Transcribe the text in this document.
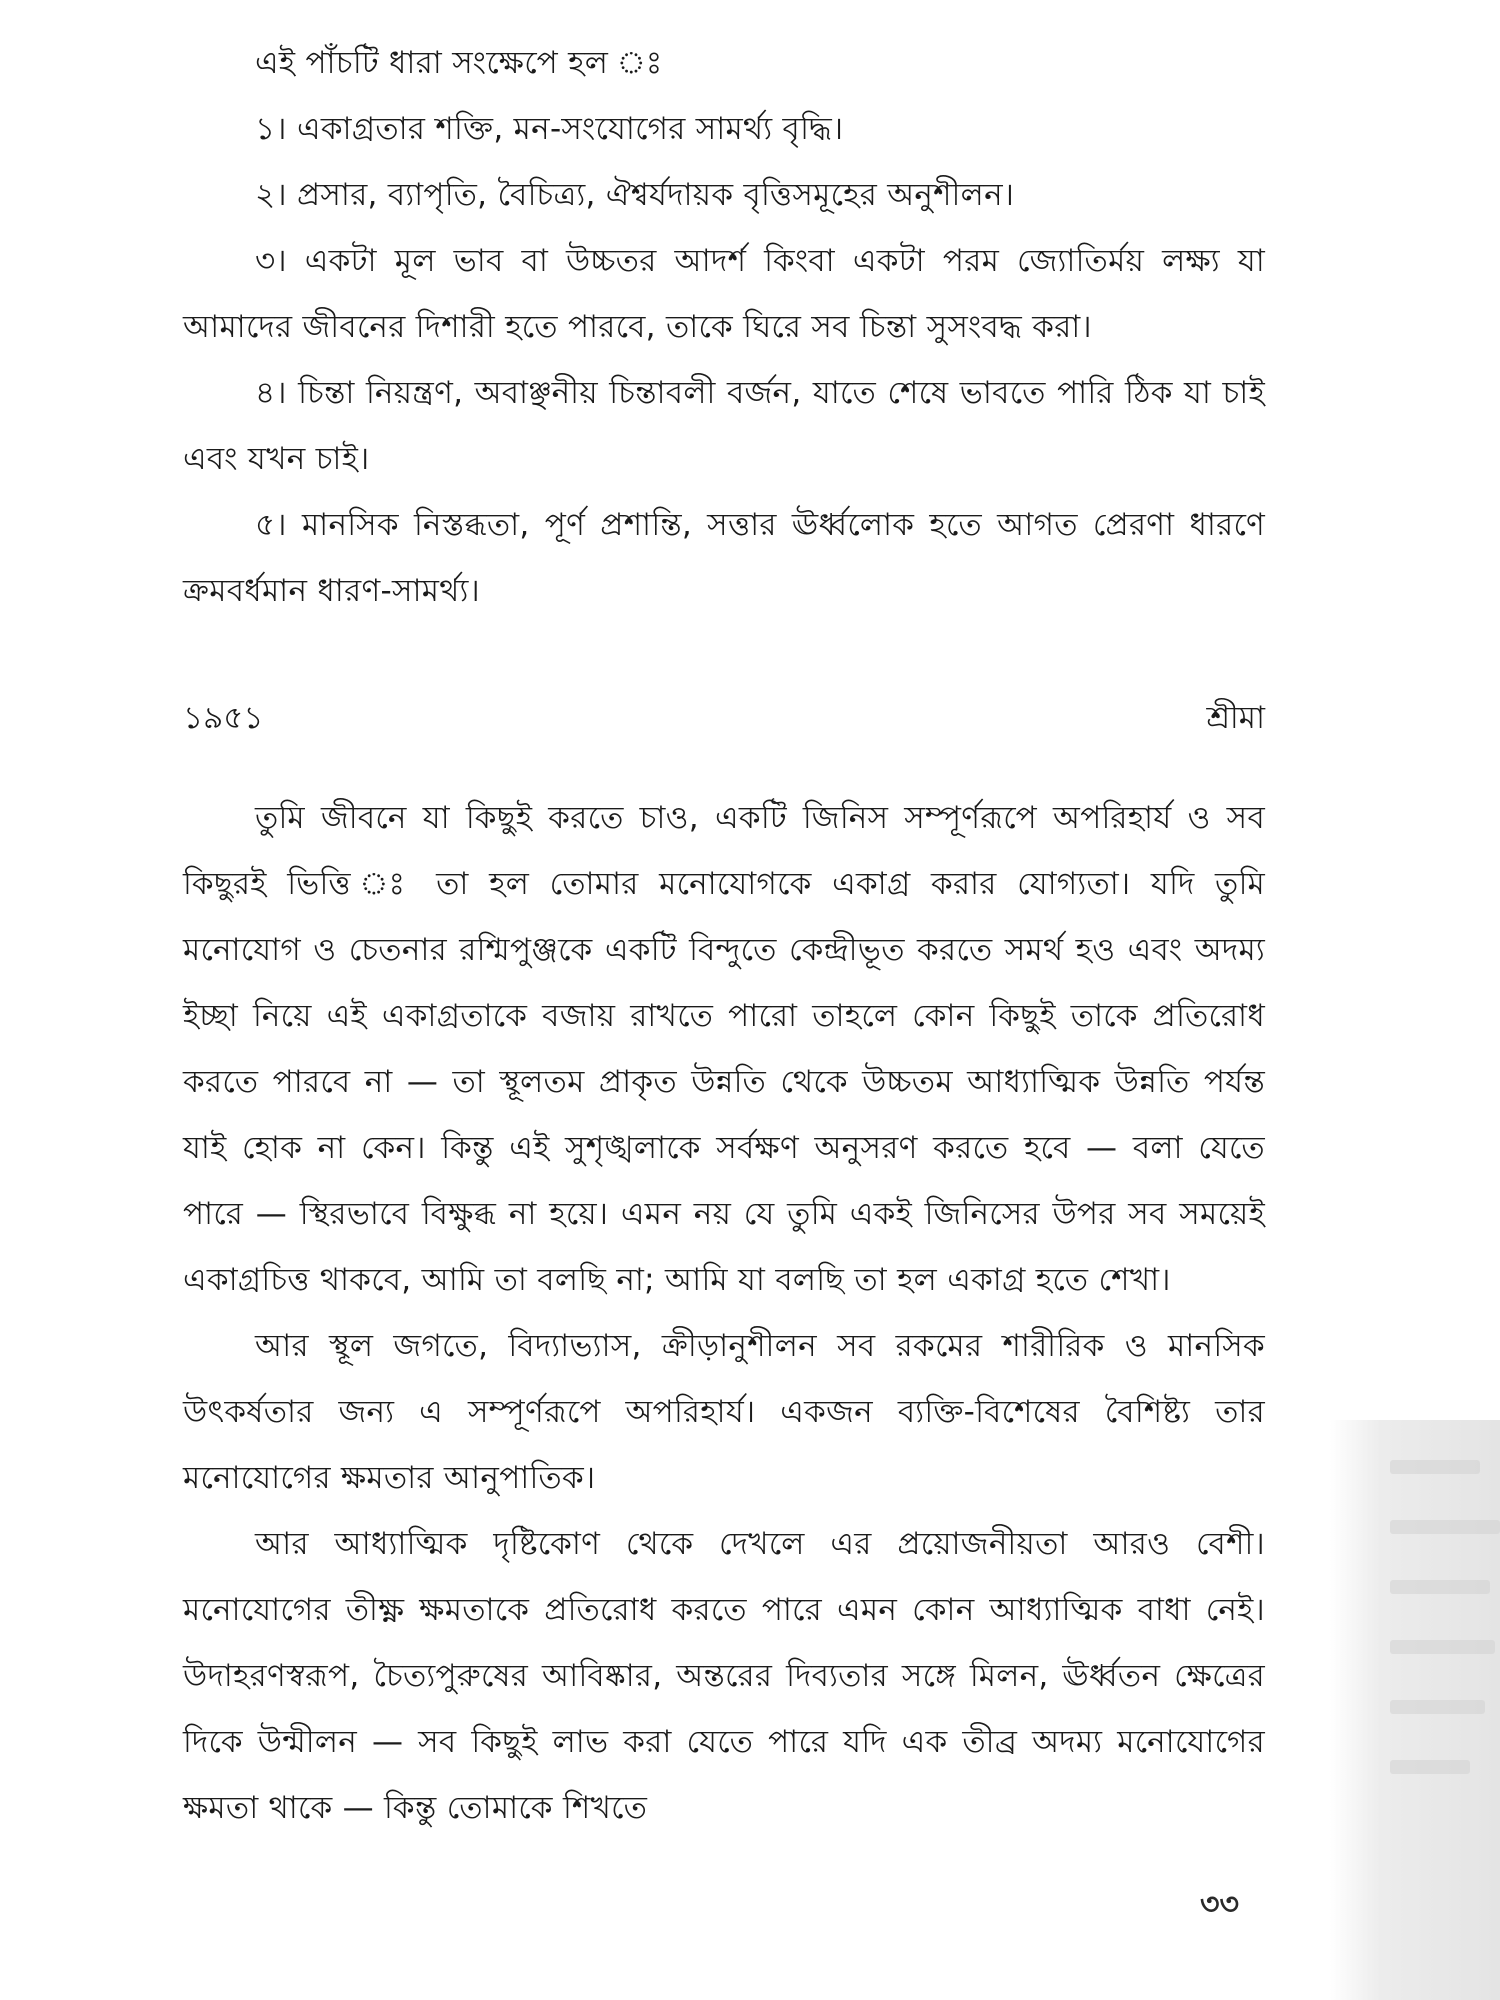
এই পাঁচটি ধারা সংক্ষেপে হল ঃ

১। একাগ্রতার শক্তি, মন-সংযোগের সামর্থ্য বৃদ্ধি।

২। প্রসার, ব্যাপৃতি, বৈচিত্র্য, ঐশ্বর্যদায়ক বৃত্তিসমূহের অনুশীলন।

৩। একটা মূল ভাব বা উচ্চতর আদর্শ কিংবা একটা পরম জ্যোতির্ময় লক্ষ্য যা আমাদের জীবনের দিশারী হতে পারবে, তাকে ঘিরে সব চিন্তা সুসংবদ্ধ করা।

৪। চিন্তা নিয়ন্ত্রণ, অবাঞ্ছনীয় চিন্তাবলী বর্জন, যাতে শেষে ভাবতে পারি ঠিক যা চাই এবং যখন চাই।

৫। মানসিক নিস্তব্ধতা, পূর্ণ প্রশান্তি, সত্তার ঊর্ধ্বলোক হতে আগত প্রেরণা ধারণে ক্রমবর্ধমান ধারণ-সামর্থ্য।

১৯৫১	শ্রীমা

তুমি জীবনে যা কিছুই করতে চাও, একটি জিনিস সম্পূর্ণরূপে অপরিহার্য ও সব কিছুরই ভিত্তি ঃ তা হল তোমার মনোযোগকে একাগ্র করার যোগ্যতা। যদি তুমি মনোযোগ ও চেতনার রশ্মিপুঞ্জকে একটি বিন্দুতে কেন্দ্রীভূত করতে সমর্থ হও এবং অদম্য ইচ্ছা নিয়ে এই একাগ্রতাকে বজায় রাখতে পারো তাহলে কোন কিছুই তাকে প্রতিরোধ করতে পারবে না — তা স্থূলতম প্রাকৃত উন্নতি থেকে উচ্চতম আধ্যাত্মিক উন্নতি পর্যন্ত যাই হোক না কেন। কিন্তু এই সুশৃঙ্খলাকে সর্বক্ষণ অনুসরণ করতে হবে — বলা যেতে পারে — স্থিরভাবে বিক্ষুব্ধ না হয়ে। এমন নয় যে তুমি একই জিনিসের উপর সব সময়েই একাগ্রচিত্ত থাকবে, আমি তা বলছি না; আমি যা বলছি তা হল একাগ্র হতে শেখা।

আর স্থূল জগতে, বিদ্যাভ্যাস, ক্রীড়ানুশীলন সব রকমের শারীরিক ও মানসিক উৎকর্ষতার জন্য এ সম্পূর্ণরূপে অপরিহার্য। একজন ব্যক্তি-বিশেষের বৈশিষ্ট্য তার মনোযোগের ক্ষমতার আনুপাতিক।

আর আধ্যাত্মিক দৃষ্টিকোণ থেকে দেখলে এর প্রয়োজনীয়তা আরও বেশী। মনোযোগের তীক্ষ্ণ ক্ষমতাকে প্রতিরোধ করতে পারে এমন কোন আধ্যাত্মিক বাধা নেই। উদাহরণস্বরূপ, চৈত্যপুরুষের আবিষ্কার, অন্তরের দিব্যতার সঙ্গে মিলন, ঊর্ধ্বতন ক্ষেত্রের দিকে উন্মীলন — সব কিছুই লাভ করা যেতে পারে যদি এক তীব্র অদম্য মনোযোগের ক্ষমতা থাকে — কিন্তু তোমাকে শিখতে

৩৩
